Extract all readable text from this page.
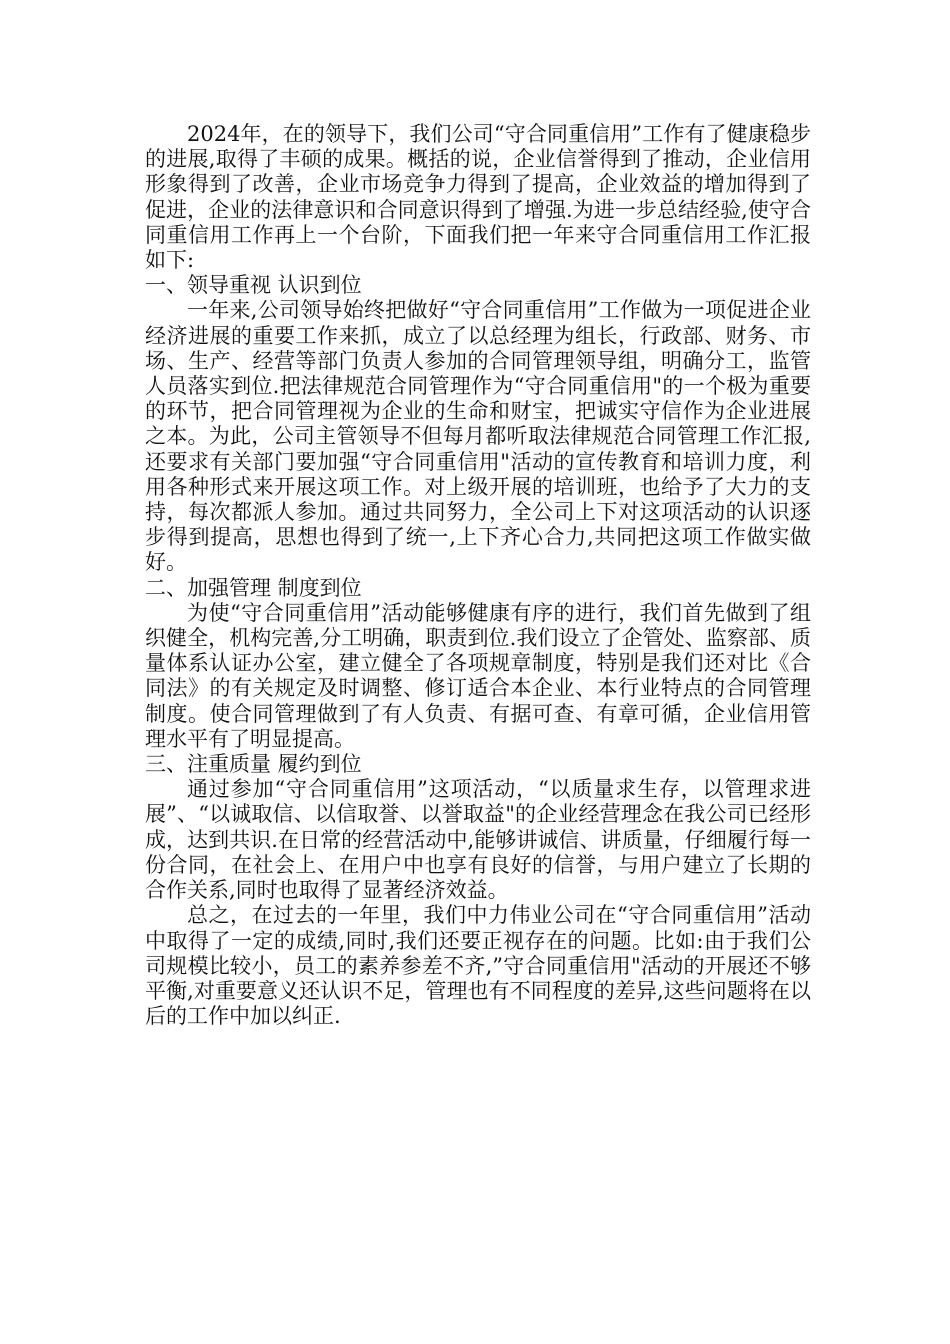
2024年，在的领导下，我们公司“守合同重信用”工作有了健康稳步的进展,取得了丰硕的成果。概括的说，企业信誉得到了推动，企业信用形象得到了改善，企业市场竞争力得到了提高，企业效益的增加得到了促进，企业的法律意识和合同意识得到了增强.为进一步总结经验,使守合同重信用工作再上一个台阶，下面我们把一年来守合同重信用工作汇报如下:

一、领导重视 认识到位

一年来,公司领导始终把做好“守合同重信用”工作做为一项促进企业经济进展的重要工作来抓，成立了以总经理为组长，行政部、财务、市场、生产、经营等部门负责人参加的合同管理领导组，明确分工，监管人员落实到位.把法律规范合同管理作为“守合同重信用"的一个极为重要的环节，把合同管理视为企业的生命和财宝，把诚实守信作为企业进展之本。为此，公司主管领导不但每月都听取法律规范合同管理工作汇报,还要求有关部门要加强“守合同重信用"活动的宣传教育和培训力度，利用各种形式来开展这项工作。对上级开展的培训班，也给予了大力的支持，每次都派人参加。通过共同努力，全公司上下对这项活动的认识逐步得到提高，思想也得到了统一,上下齐心合力,共同把这项工作做实做好。

二、加强管理 制度到位

为使“守合同重信用”活动能够健康有序的进行，我们首先做到了组织健全，机构完善,分工明确，职责到位.我们设立了企管处、监察部、质量体系认证办公室，建立健全了各项规章制度，特别是我们还对比《合同法》的有关规定及时调整、修订适合本企业、本行业特点的合同管理制度。使合同管理做到了有人负责、有据可查、有章可循，企业信用管理水平有了明显提高。

三、注重质量 履约到位

通过参加“守合同重信用”这项活动，“以质量求生存，以管理求进展”、“以诚取信、以信取誉、以誉取益"的企业经营理念在我公司已经形成，达到共识.在日常的经营活动中,能够讲诚信、讲质量，仔细履行每一份合同，在社会上、在用户中也享有良好的信誉，与用户建立了长期的合作关系,同时也取得了显著经济效益。

总之，在过去的一年里，我们中力伟业公司在“守合同重信用”活动中取得了一定的成绩,同时,我们还要正视存在的问题。比如:由于我们公司规模比较小，员工的素养参差不齐,”守合同重信用"活动的开展还不够平衡,对重要意义还认识不足，管理也有不同程度的差异,这些问题将在以后的工作中加以纠正.
